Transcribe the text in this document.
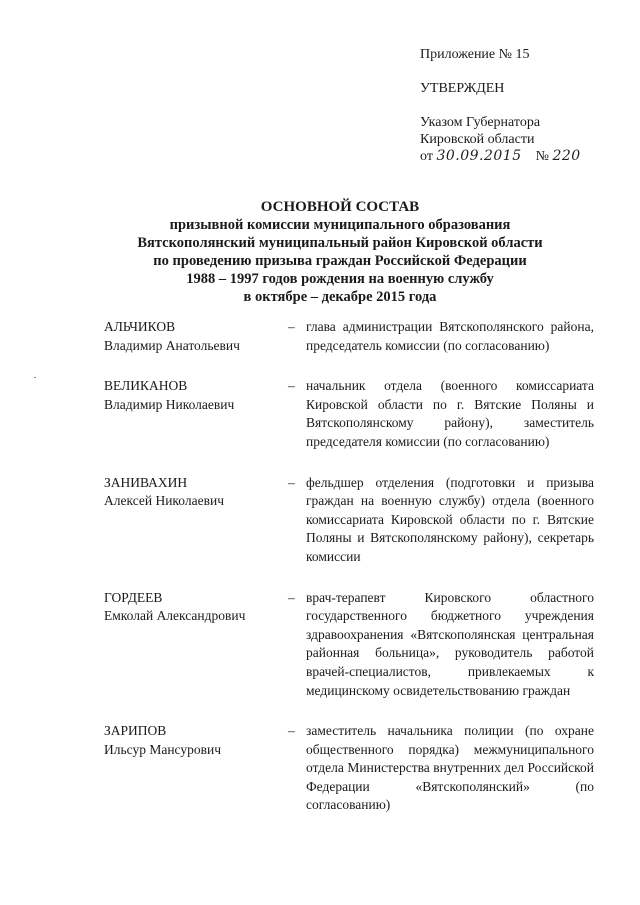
Приложение № 15
УТВЕРЖДЕН
Указом Губернатора
Кировской области
от 30.09.2015 № 220
ОСНОВНОЙ СОСТАВ
призывной комиссии муниципального образования
Вятскополянский муниципальный район Кировской области
по проведению призыва граждан Российской Федерации
1988 – 1997 годов рождения на военную службу
в октябре – декабре 2015 года
АЛЬЧИКОВ
Владимир Анатольевич
– глава администрации Вятскополянского района, председатель комиссии (по согласованию)
ВЕЛИКАНОВ
Владимир Николаевич
– начальник отдела (военного комиссариата Кировской области по г. Вятские Поляны и Вятскополянскому району), заместитель председателя комиссии (по согласованию)
ЗАНИВАХИН
Алексей Николаевич
– фельдшер отделения (подготовки и призыва граждан на военную службу) отдела (военного комиссариата Кировской области по г. Вятские Поляны и Вятскополянскому району), секретарь комиссии
ГОРДЕЕВ
Емколай Александрович
– врач-терапевт Кировского областного государственного бюджетного учреждения здравоохранения «Вятскополянская центральная районная больница», руководитель работой врачей-специалистов, привлекаемых к медицинскому освидетельствованию граждан
ЗАРИПОВ
Ильсур Мансурович
– заместитель начальника полиции (по охране общественного порядка) межмуниципального отдела Министерства внутренних дел Российской Федерации «Вятскополянский» (по согласованию)
